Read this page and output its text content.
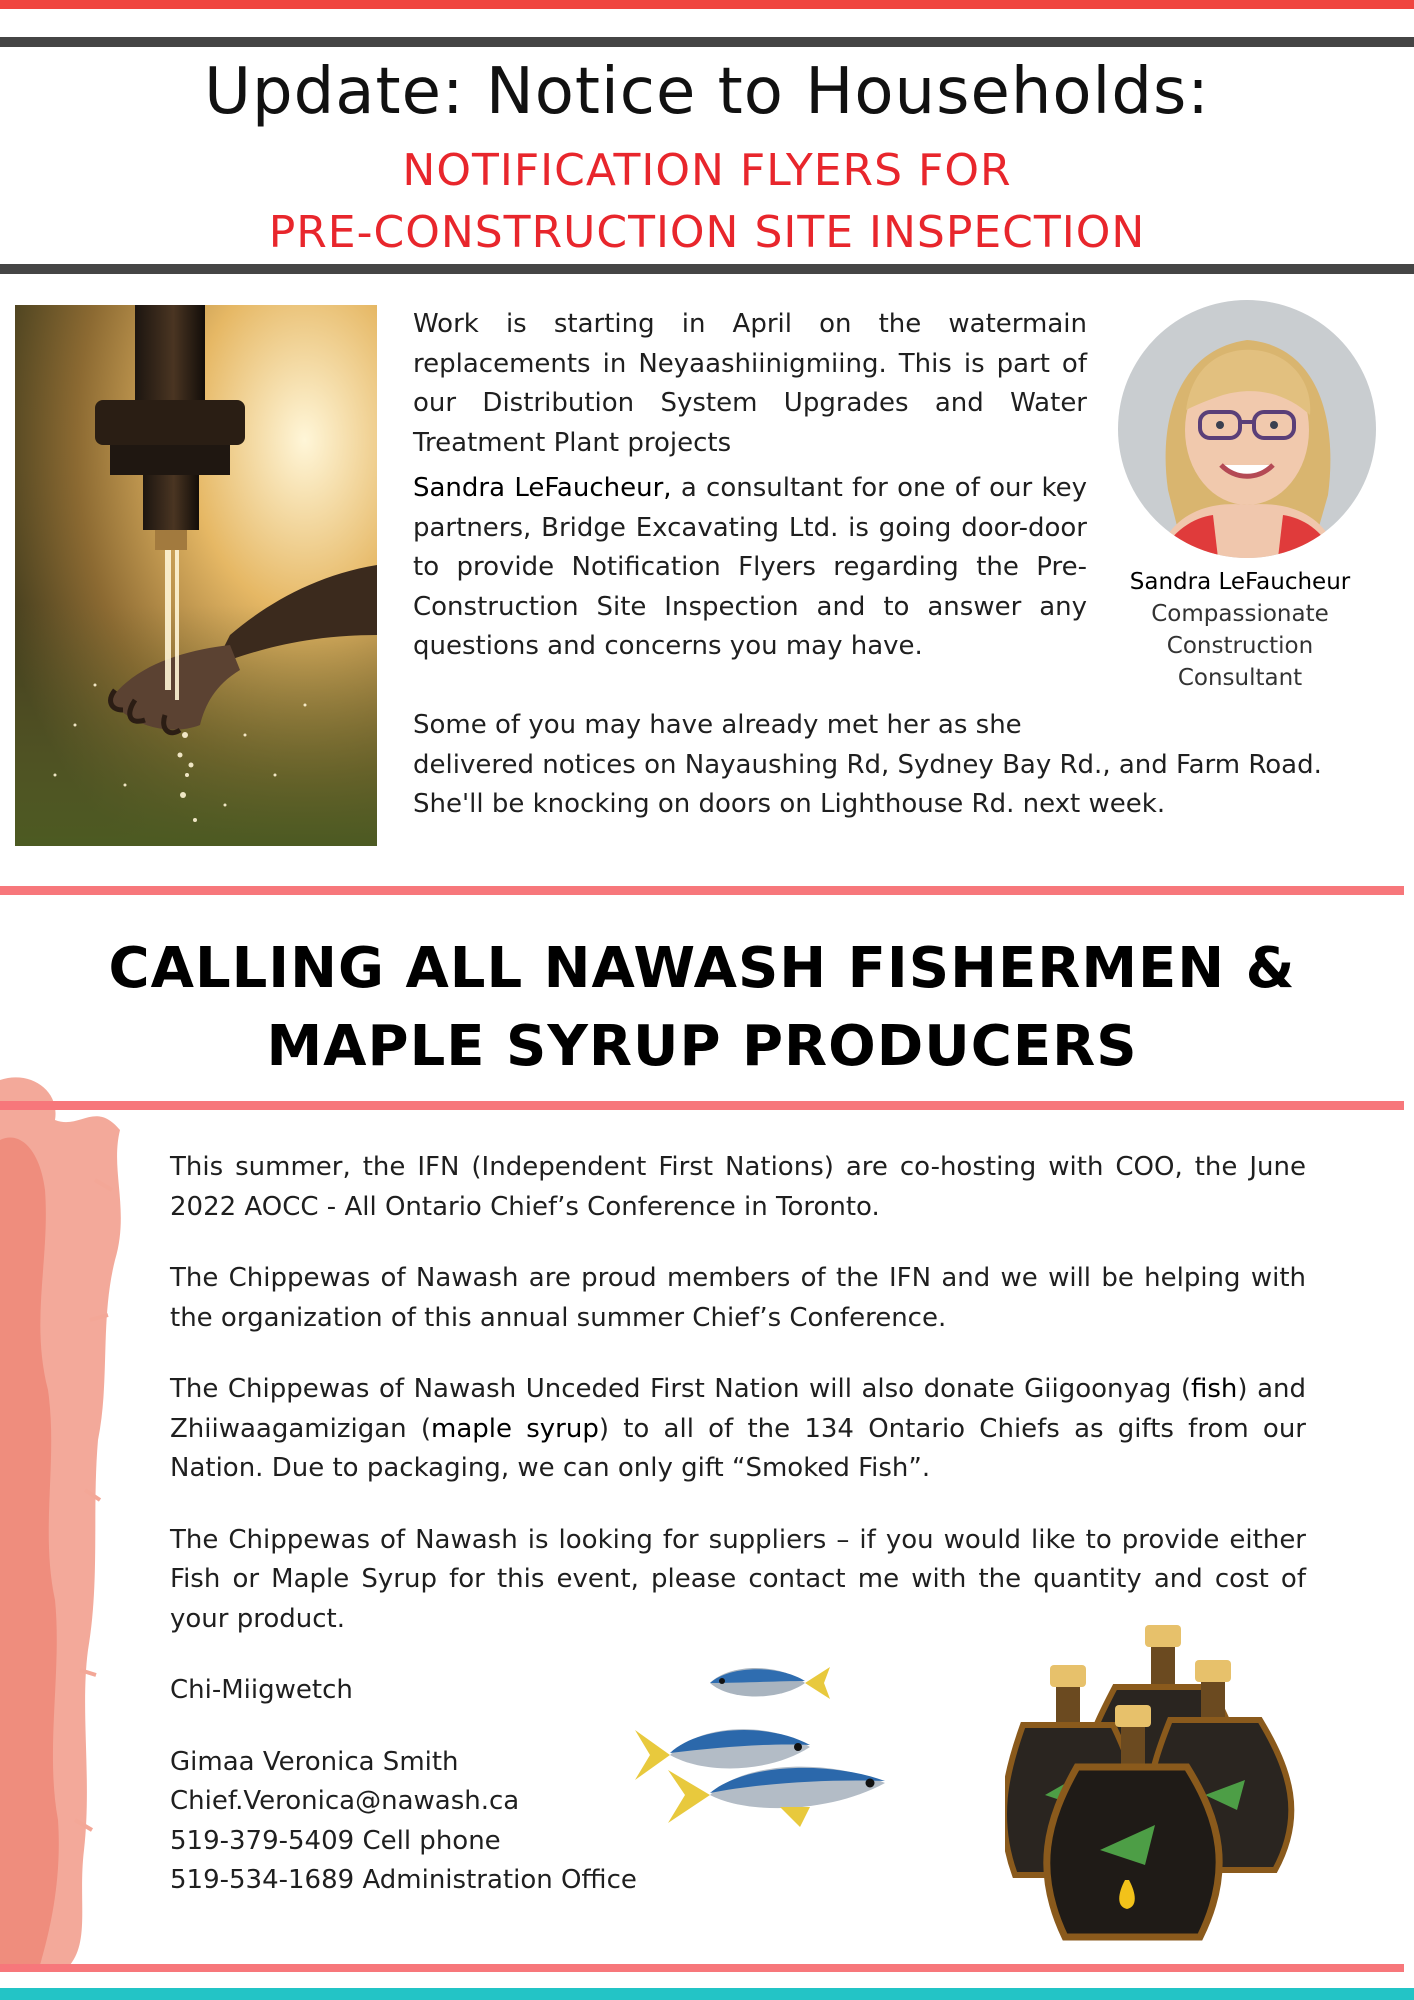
Update: Notice to Households:
NOTIFICATION FLYERS FOR
PRE-CONSTRUCTION SITE INSPECTION

Work is starting in April on the watermain replacements in Neyaashiinigmiing. This is part of our Distribution System Upgrades and Water Treatment Plant projects

Sandra LeFaucheur, a consultant for one of our key partners, Bridge Excavating Ltd. is going door-door to provide Notification Flyers regarding the Pre-Construction Site Inspection and to answer any questions and concerns you may have.

Some of you may have already met her as she
delivered notices on Nayaushing Rd, Sydney Bay Rd., and Farm Road.
She'll be knocking on doors on Lighthouse Rd. next week.
Sandra LeFaucheur
Compassionate
Construction
Consultant
CALLING ALL NAWASH FISHERMEN &
MAPLE SYRUP PRODUCERS

This summer, the IFN (Independent First Nations) are co-hosting with COO, the June 2022 AOCC - All Ontario Chief’s Conference in Toronto.

The Chippewas of Nawash are proud members of the IFN and we will be helping with the organization of this annual summer Chief’s Conference.

The Chippewas of Nawash Unceded First Nation will also donate Giigoonyag (fish) and Zhiiwaagamizigan (maple syrup) to all of the 134 Ontario Chiefs as gifts from our Nation. Due to packaging, we can only gift “Smoked Fish”.

The Chippewas of Nawash is looking for suppliers – if you would like to provide either Fish or Maple Syrup for this event, please contact me with the quantity and cost of your product.

Chi-Miigwetch

Gimaa Veronica Smith
Chief.Veronica@nawash.ca
519-379-5409 Cell phone
519-534-1689 Administration Office
